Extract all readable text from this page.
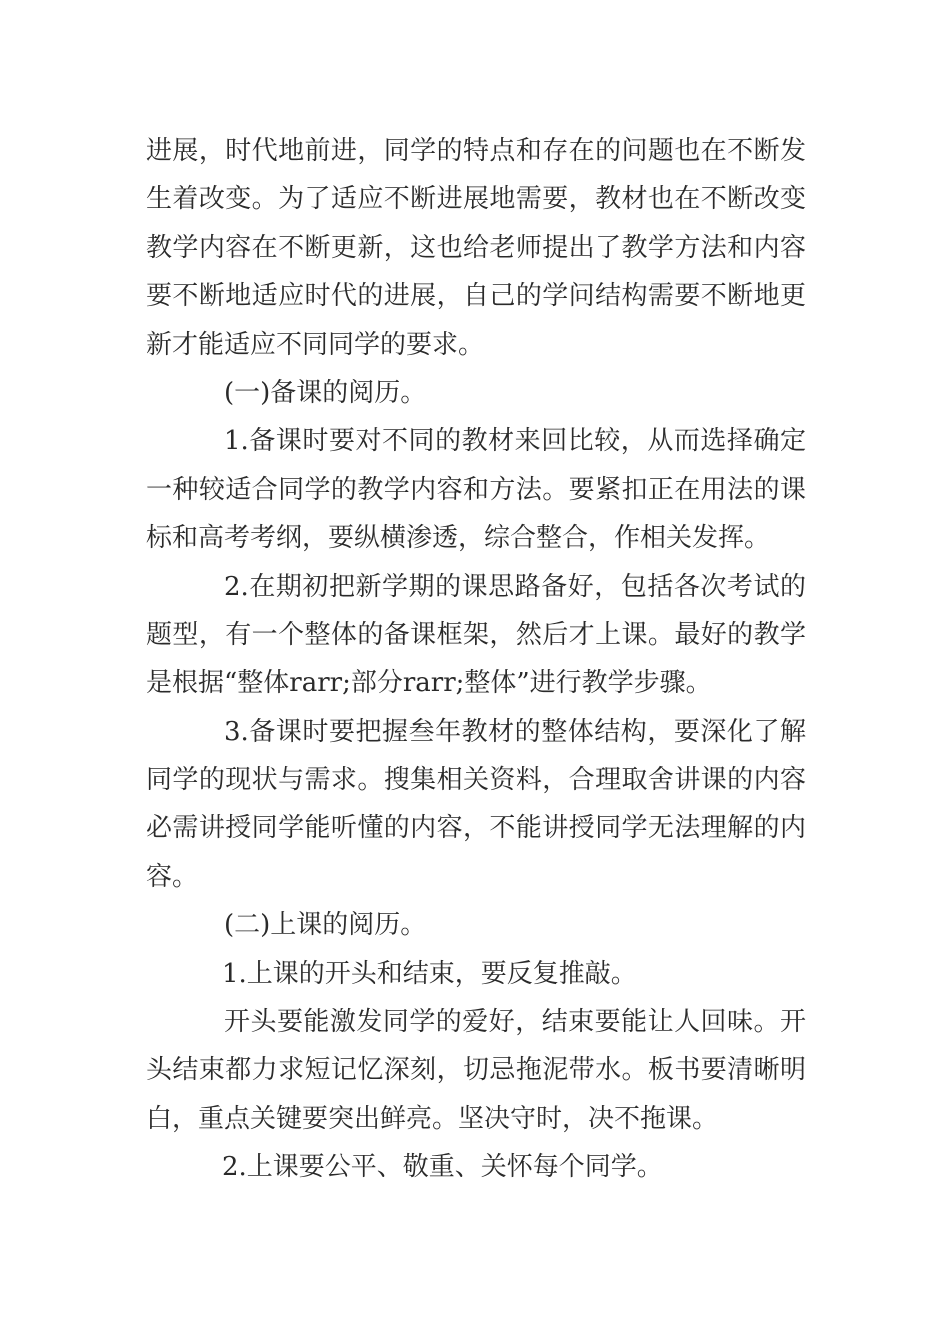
进展，时代地前进，同学的特点和存在的问题也在不断发
生着改变。为了适应不断进展地需要，教材也在不断改变
教学内容在不断更新，这也给老师提出了教学方法和内容
要不断地适应时代的进展，自己的学问结构需要不断地更
新才能适应不同同学的要求。
(一)备课的阅历。
1.备课时要对不同的教材来回比较，从而选择确定
一种较适合同学的教学内容和方法。要紧扣正在用法的课
标和高考考纲，要纵横渗透，综合整合，作相关发挥。
2.在期初把新学期的课思路备好，包括各次考试的
题型，有一个整体的备课框架，然后才上课。最好的教学
是根据“整体rarr;部分rarr;整体”进行教学步骤。
3.备课时要把握叁年教材的整体结构，要深化了解
同学的现状与需求。搜集相关资料，合理取舍讲课的内容
必需讲授同学能听懂的内容，不能讲授同学无法理解的内
容。
(二)上课的阅历。
1.上课的开头和结束，要反复推敲。
开头要能激发同学的爱好，结束要能让人回味。开
头结束都力求短记忆深刻，切忌拖泥带水。板书要清晰明
白，重点关键要突出鲜亮。坚决守时，决不拖课。
2.上课要公平、敬重、关怀每个同学。
